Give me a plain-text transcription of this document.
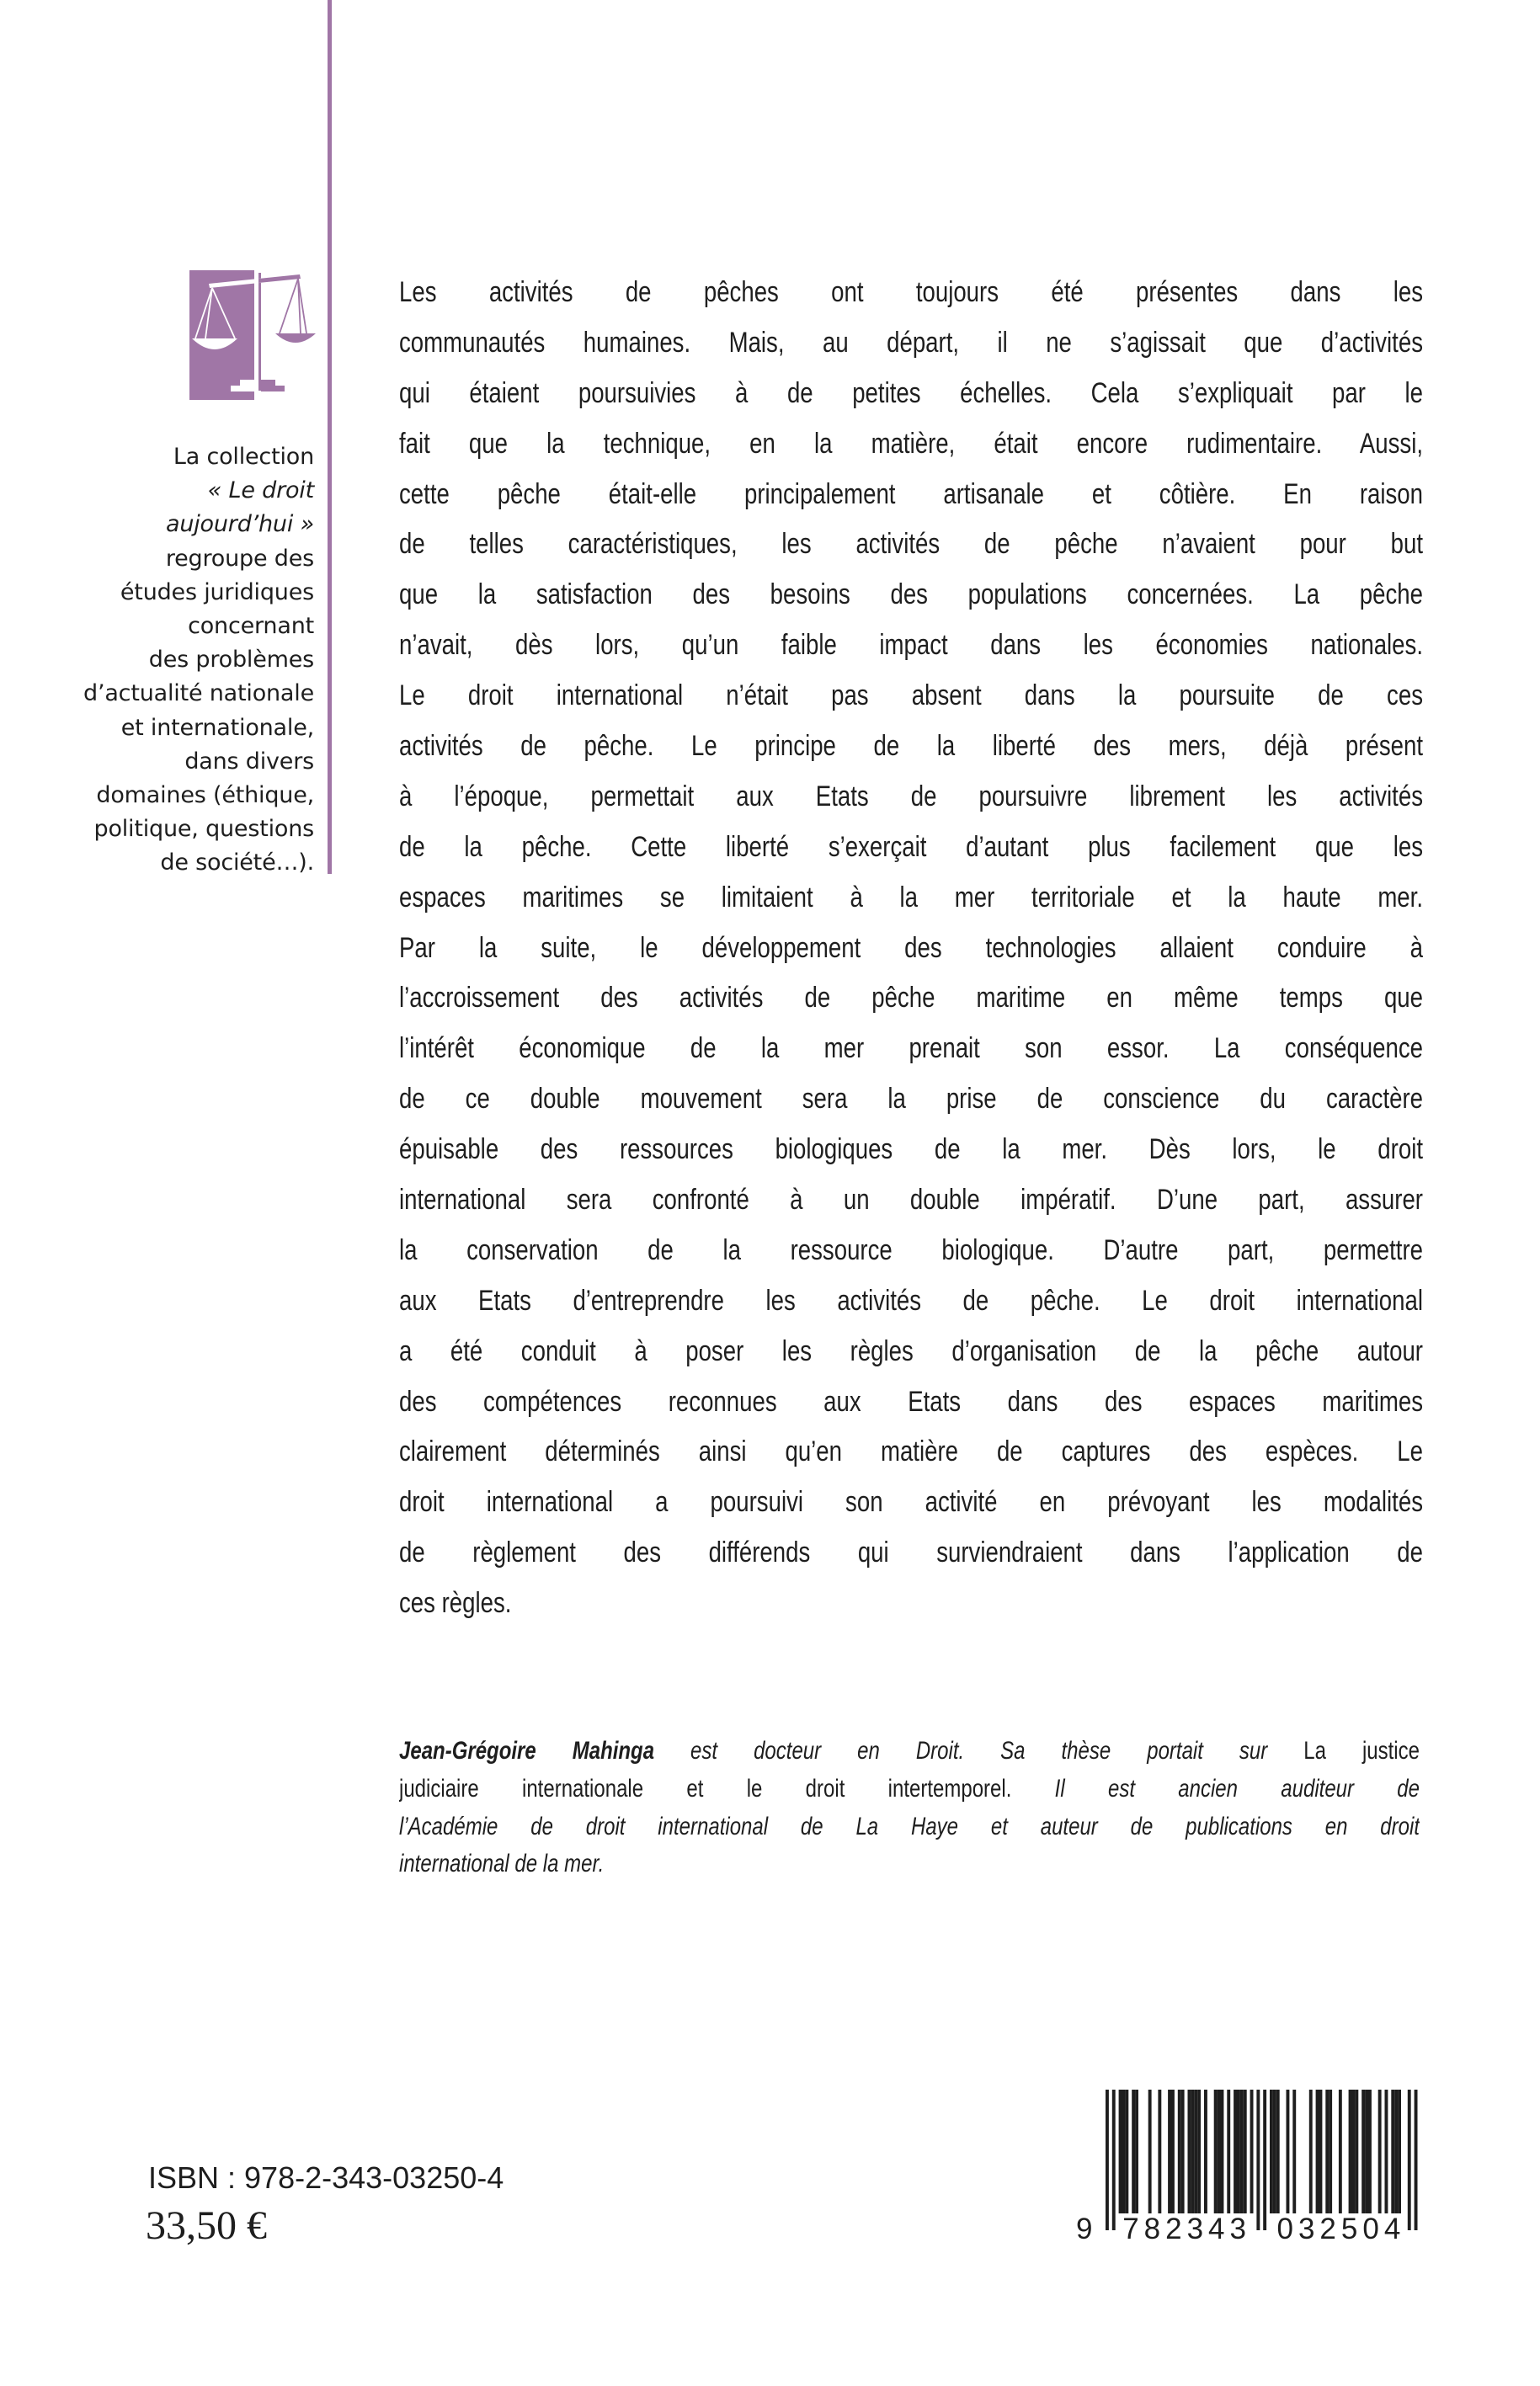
La collection
« Le droit
aujourd’hui »
regroupe des
études juridiques
concernant
des problèmes
d’actualité nationale
et internationale,
dans divers
domaines (éthique,
politique, questions
de société…).
Les activités de pêches ont toujours été présentes dans les
communautés humaines. Mais, au départ, il ne s’agissait que d’activités
qui étaient poursuivies à de petites échelles. Cela s’expliquait par le
fait que la technique, en la matière, était encore rudimentaire. Aussi,
cette pêche était-elle principalement artisanale et côtière. En raison
de telles caractéristiques, les activités de pêche n’avaient pour but
que la satisfaction des besoins des populations concernées. La pêche
n’avait, dès lors, qu’un faible impact dans les économies nationales.
Le droit international n’était pas absent dans la poursuite de ces
activités de pêche. Le principe de la liberté des mers, déjà présent
à l’époque, permettait aux Etats de poursuivre librement les activités
de la pêche. Cette liberté s’exerçait d’autant plus facilement que les
espaces maritimes se limitaient à la mer territoriale et la haute mer.
Par la suite, le développement des technologies allaient conduire à
l’accroissement des activités de pêche maritime en même temps que
l’intérêt économique de la mer prenait son essor. La conséquence
de ce double mouvement sera la prise de conscience du caractère
épuisable des ressources biologiques de la mer. Dès lors, le droit
international sera confronté à un double impératif. D’une part, assurer
la conservation de la ressource biologique. D’autre part, permettre
aux Etats d’entreprendre les activités de pêche. Le droit international
a été conduit à poser les règles d’organisation de la pêche autour
des compétences reconnues aux Etats dans des espaces maritimes
clairement déterminés ainsi qu’en matière de captures des espèces. Le
droit international a poursuivi son activité en prévoyant les modalités
de règlement des différends qui surviendraient dans l’application de
ces règles.
Jean-Grégoire Mahinga est docteur en Droit. Sa thèse portait sur La justice
judiciaire internationale et le droit intertemporel. Il est ancien auditeur de
l’Académie de droit international de La Haye et auteur de publications en droit
international de la mer.
ISBN : 978-2-343-03250-4
33,50 €	9 782343 032504
